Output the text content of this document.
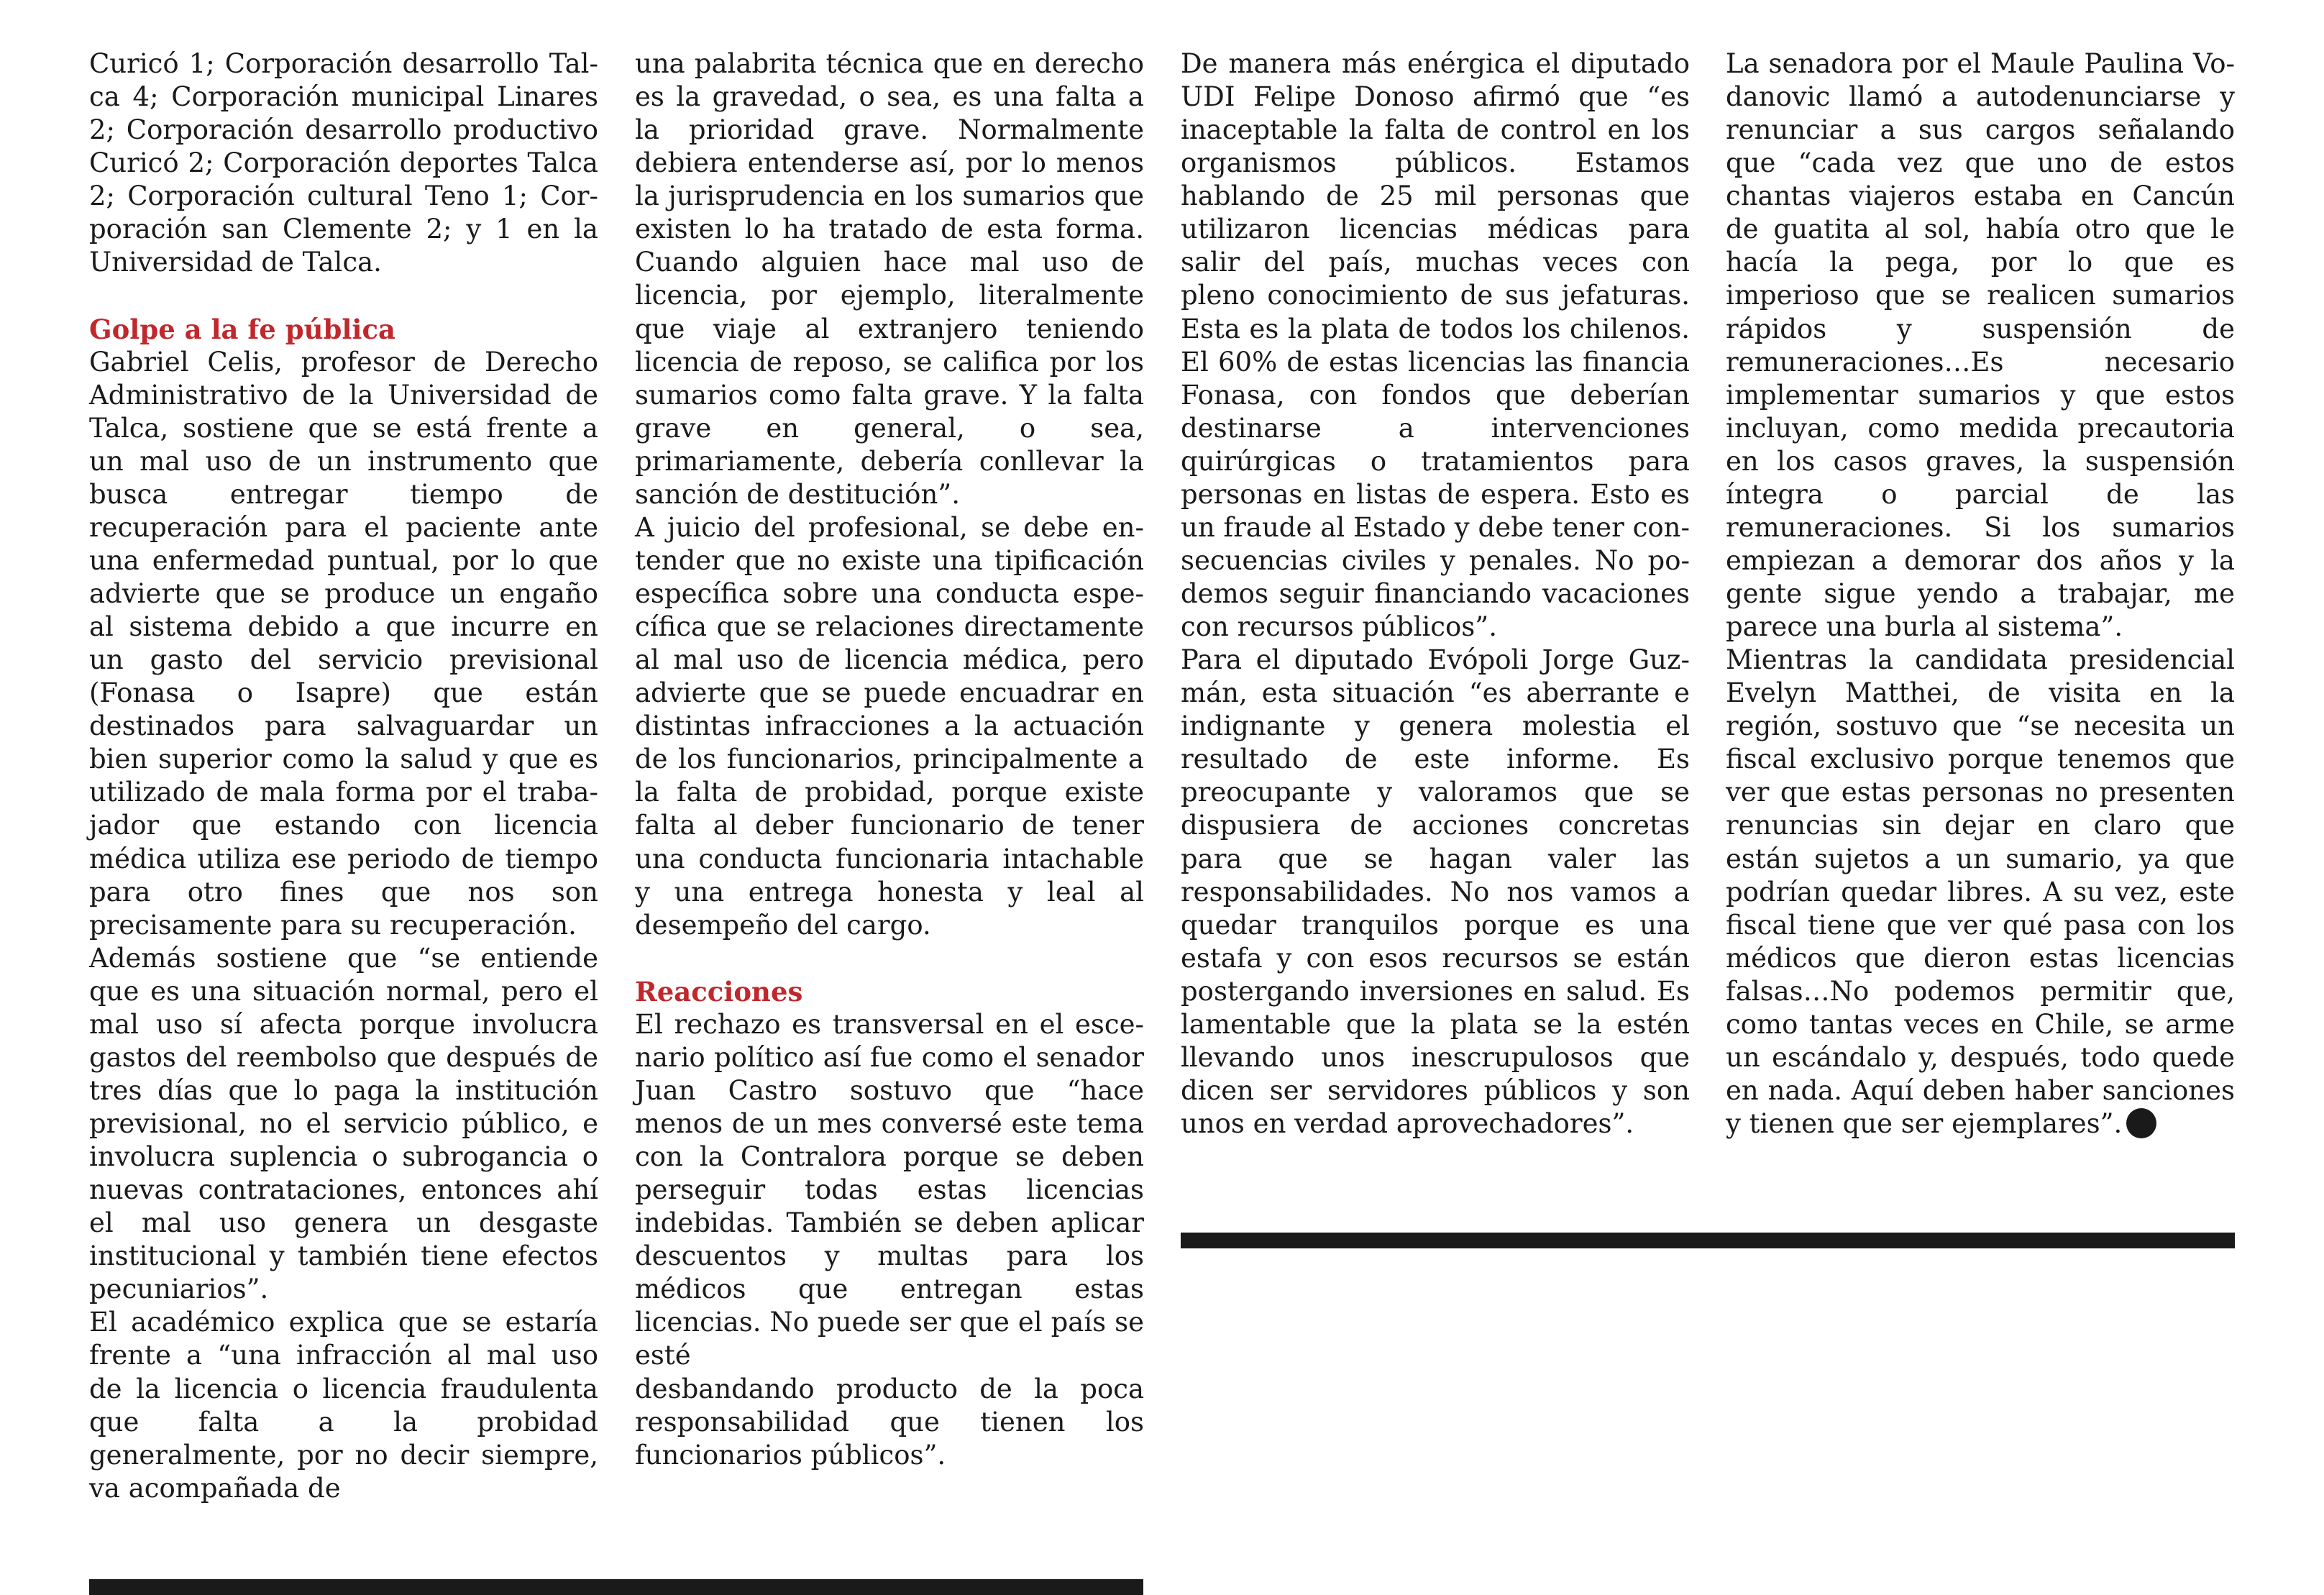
Curicó 1; Corporación desarrollo Talca 4; Corporación municipal Linares 2; Corporación desarrollo productivo Curicó 2; Corporación deportes Talca 2; Corporación cultural Teno 1; Corporación san Clemente 2; y 1 en la Universidad de Talca.

Golpe a la fe pública

Gabriel Celis, profesor de Derecho Administrativo de la Universidad de Talca, sostiene que se está frente a un mal uso de un instrumento que busca entregar tiempo de recuperación para el paciente ante una enfermedad puntual, por lo que advierte que se produce un engaño al sistema debido a que incurre en un gasto del servicio previsional (Fonasa o Isapre) que están destinados para salvaguardar un bien superior como la salud y que es utilizado de mala forma por el trabajador que estando con licencia médica utiliza ese periodo de tiempo para otro fines que nos son precisamente para su recuperación.

Además sostiene que “se entiende que es una situación normal, pero el mal uso sí afecta porque involucra gastos del reembolso que después de tres días que lo paga la institución previsional, no el servicio público, e involucra suplencia o subrogancia o nuevas contrataciones, entonces ahí el mal uso genera un desgaste institucional y también tiene efectos pecuniarios”.

El académico explica que se estaría frente a “una infracción al mal uso de la licencia o licencia fraudulenta que falta a la probidad generalmente, por no decir siempre, va acompañada de

una palabrita técnica que en derecho es la gravedad, o sea, es una falta a la prioridad grave. Normalmente debiera entenderse así, por lo menos la jurisprudencia en los sumarios que existen lo ha tratado de esta forma. Cuando alguien hace mal uso de licencia, por ejemplo, literalmente que viaje al extranjero teniendo licencia de reposo, se califica por los sumarios como falta grave. Y la falta grave en general, o sea, primariamente, debería conllevar la sanción de destitución”.

A juicio del profesional, se debe entender que no existe una tipificación específica sobre una conducta específica que se relaciones directamente al mal uso de licencia médica, pero advierte que se puede encuadrar en distintas infracciones a la actuación de los funcionarios, principalmente a la falta de probidad, porque existe falta al deber funcionario de tener una conducta funcionaria intachable y una entrega honesta y leal al desempeño del cargo.

Reacciones

El rechazo es transversal en el escenario político así fue como el senador Juan Castro sostuvo que “hace menos de un mes conversé este tema con la Contralora porque se deben perseguir todas estas licencias indebidas. También se deben aplicar descuentos y multas para los médicos que entregan estas licencias. No puede ser que el país se esté

desbandando producto de la poca responsabilidad que tienen los funcionarios públicos”.

De manera más enérgica el diputado UDI Felipe Donoso afirmó que “es inaceptable la falta de control en los organismos públicos. Estamos hablando de 25 mil personas que utilizaron licencias médicas para salir del país, muchas veces con pleno conocimiento de sus jefaturas. Esta es la plata de todos los chilenos. El 60% de estas licencias las financia Fonasa, con fondos que deberían destinarse a intervenciones quirúrgicas o tratamientos para personas en listas de espera. Esto es un fraude al Estado y debe tener consecuencias civiles y penales. No podemos seguir financiando vacaciones con recursos públicos”.

Para el diputado Evópoli Jorge Guzmán, esta situación “es aberrante e indignante y genera molestia el resultado de este informe. Es preocupante y valoramos que se dispusiera de acciones concretas para que se hagan valer las responsabilidades. No nos vamos a quedar tranquilos porque es una estafa y con esos recursos se están postergando inversiones en salud. Es lamentable que la plata se la estén llevando unos inescrupulosos que dicen ser servidores públicos y son unos en verdad aprovechadores”.

La senadora por el Maule Paulina Vodanovic llamó a autodenunciarse y renunciar a sus cargos señalando que “cada vez que uno de estos chantas viajeros estaba en Cancún de guatita al sol, había otro que le hacía la pega, por lo que es imperioso que se realicen sumarios rápidos y suspensión de remuneraciones…Es necesario implementar sumarios y que estos incluyan, como medida precautoria en los casos graves, la suspensión íntegra o parcial de las remuneraciones. Si los sumarios empiezan a demorar dos años y la gente sigue yendo a trabajar, me parece una burla al sistema”.

Mientras la candidata presidencial Evelyn Matthei, de visita en la región, sostuvo que “se necesita un fiscal exclusivo porque tenemos que ver que estas personas no presenten renuncias sin dejar en claro que están sujetos a un sumario, ya que podrían quedar libres. A su vez, este fiscal tiene que ver qué pasa con los médicos que dieron estas licencias falsas…No podemos permitir que, como tantas veces en Chile, se arme un escándalo y, después, todo quede en nada. Aquí deben haber sanciones y tienen que ser ejemplares”.
